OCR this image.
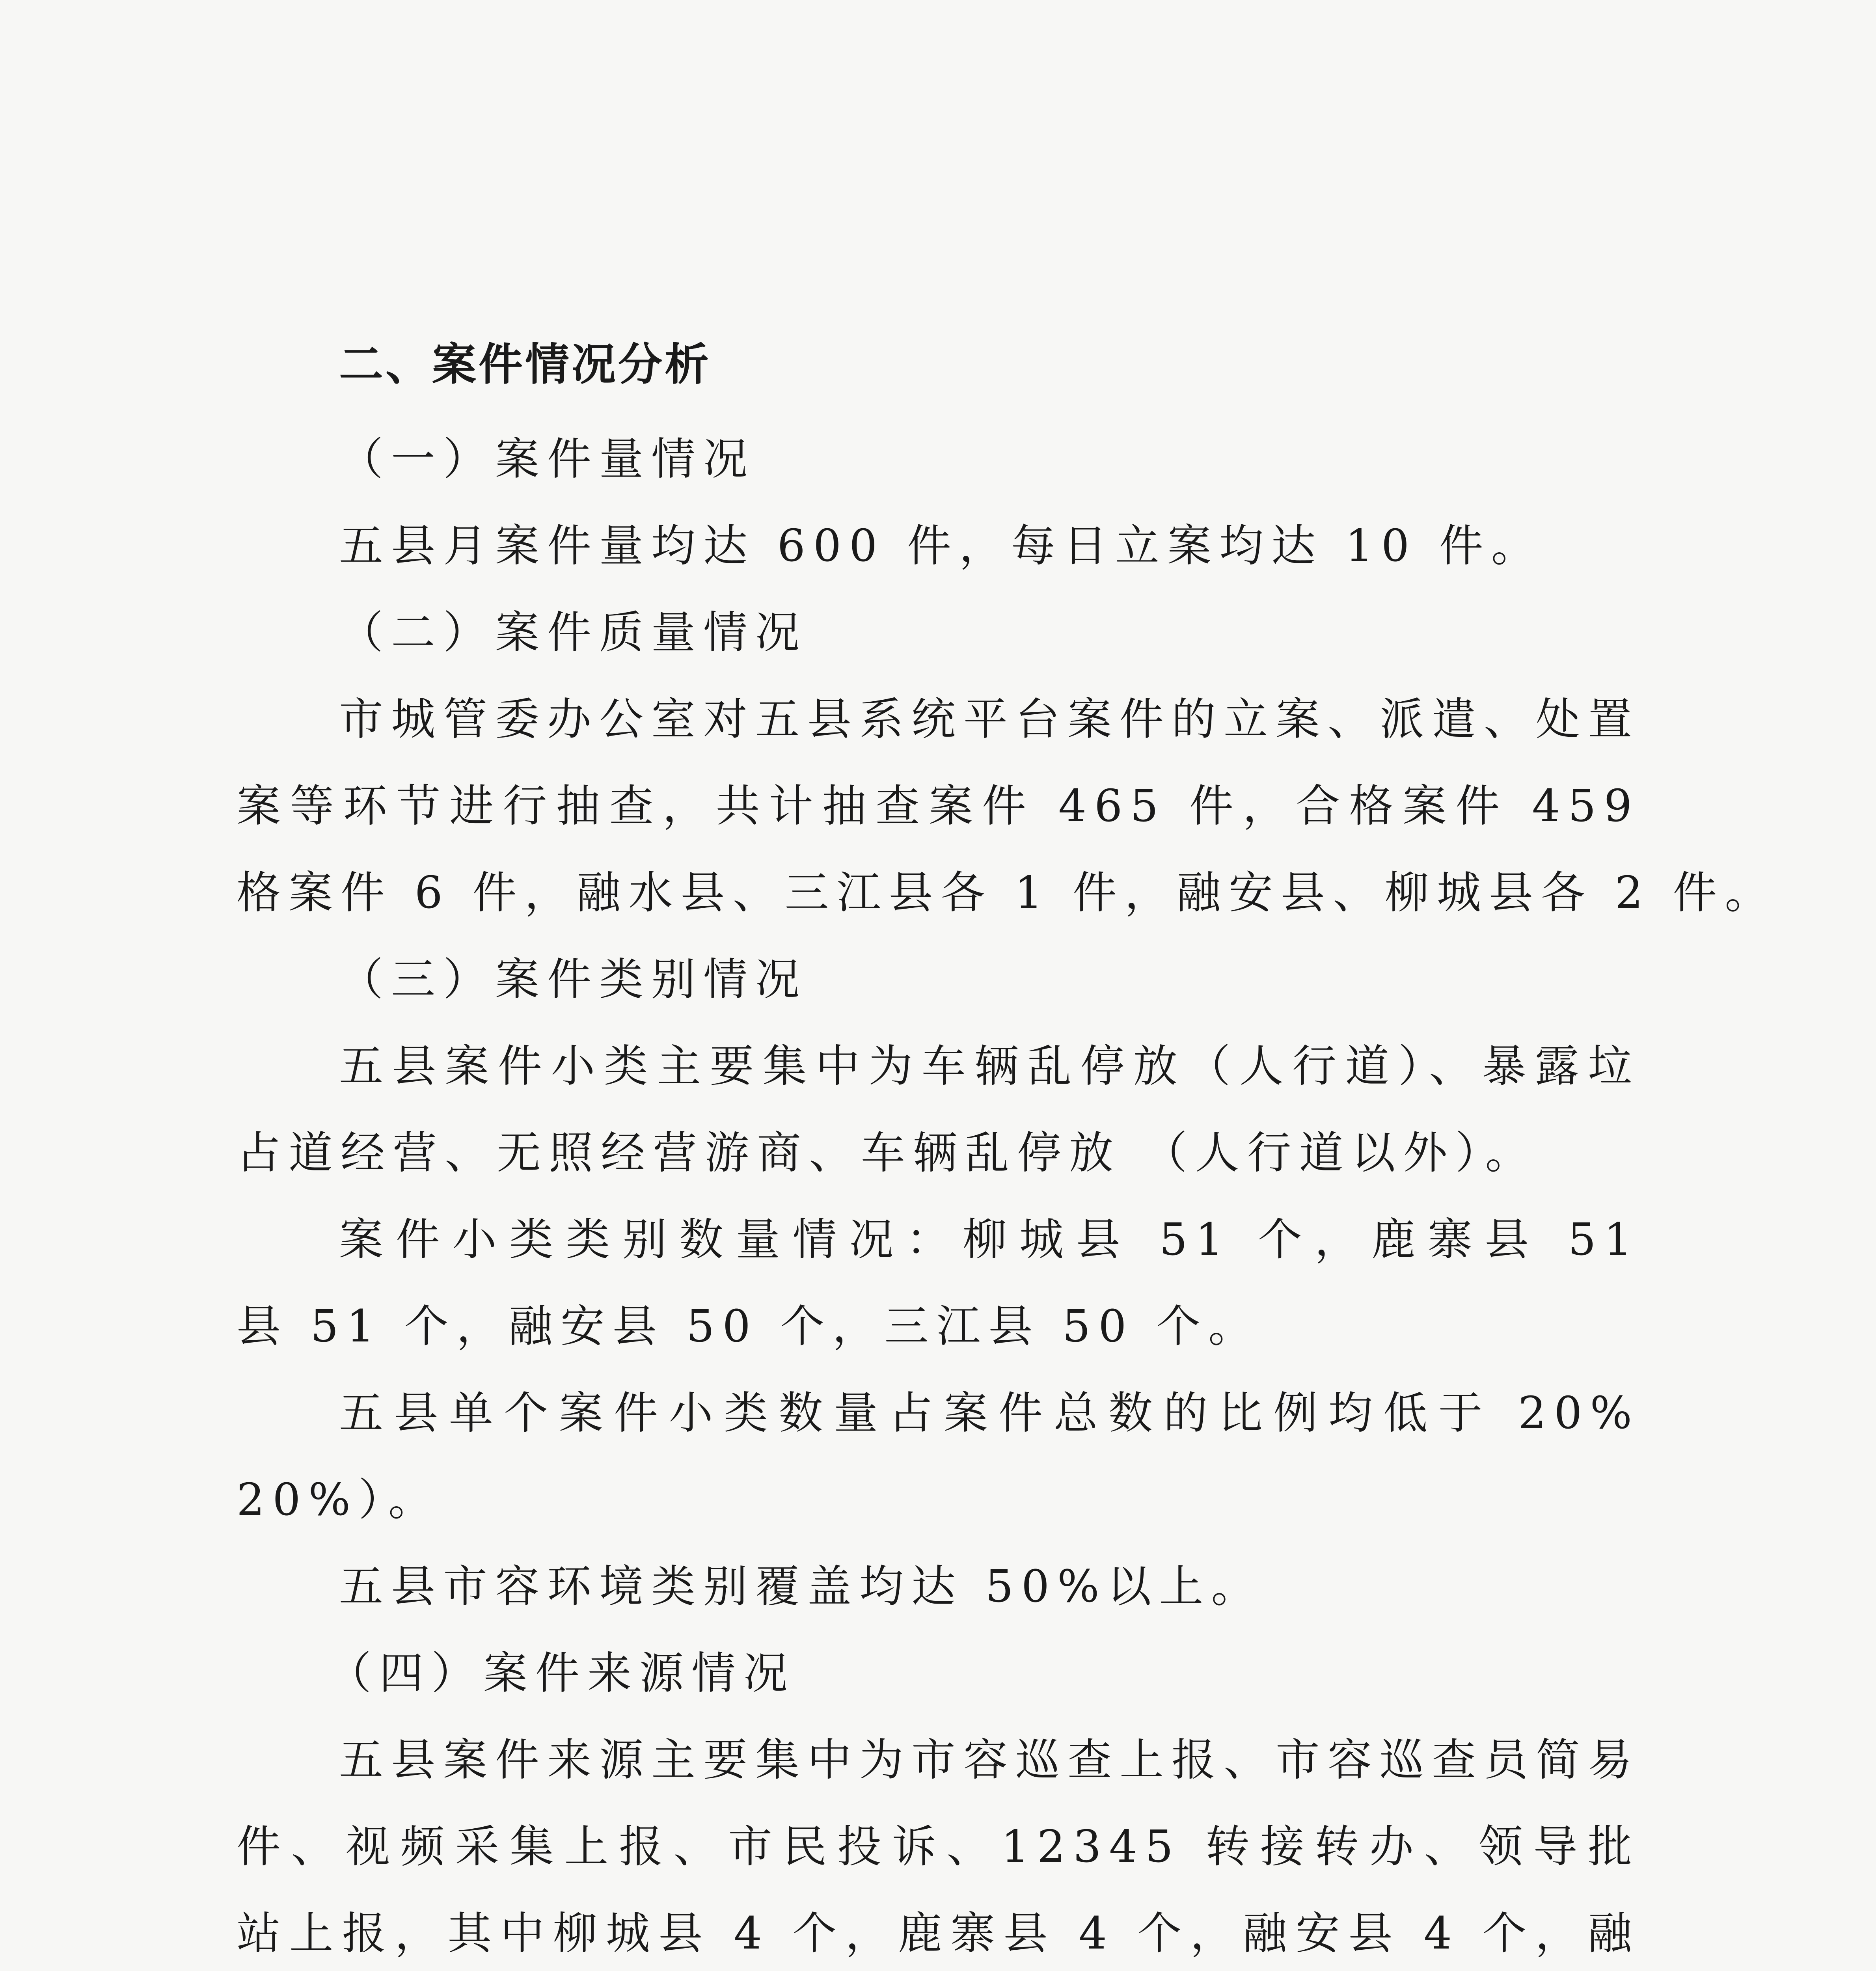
二、案件情况分析
（一）案件量情况
五县月案件量均达 600 件，每日立案均达 10 件。
（二）案件质量情况
市城管委办公室对五县系统平台案件的立案、派遣、处置
案等环节进行抽查，共计抽查案件 465 件，合格案件 459
格案件 6 件，融水县、三江县各 1 件，融安县、柳城县各 2 件。
（三）案件类别情况
五县案件小类主要集中为车辆乱停放（人行道）、暴露垃
占道经营、无照经营游商、车辆乱停放 （人行道以外）。
案件小类类别数量情况：柳城县 51 个，鹿寨县 51
县 51 个，融安县 50 个，三江县 50 个。
五县单个案件小类数量占案件总数的比例均低于 20%
20%）。
五县市容环境类别覆盖均达 50%以上。
（四）案件来源情况
五县案件来源主要集中为市容巡查上报、市容巡查员简易
件、视频采集上报、市民投诉、12345 转接转办、领导批
站上报，其中柳城县 4 个，鹿寨县 4 个，融安县 4 个，融
